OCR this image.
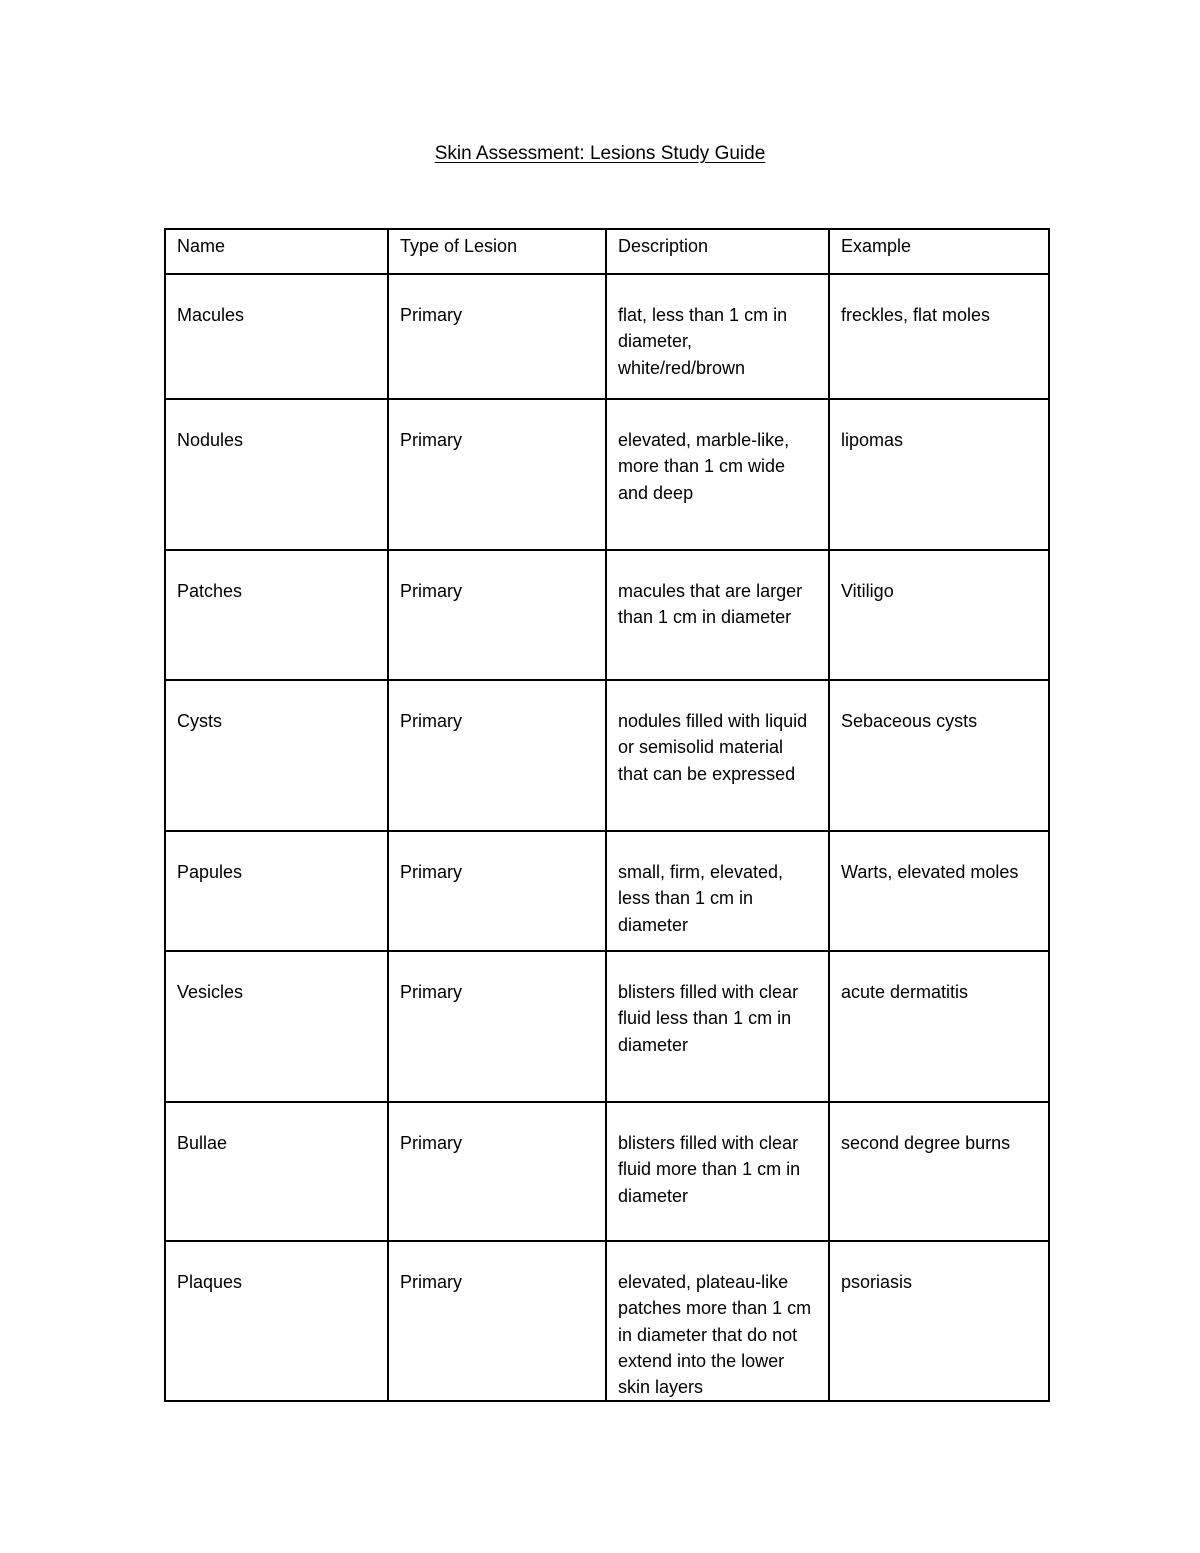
Skin Assessment: Lesions Study Guide
Name	Type of Lesion	Description	Example
Macules	Primary	flat, less than 1 cm in diameter, white/red/brown	freckles, flat moles
Nodules	Primary	elevated, marble-like, more than 1 cm wide and deep	lipomas
Patches	Primary	macules that are larger than 1 cm in diameter	Vitiligo
Cysts	Primary	nodules filled with liquid or semisolid material that can be expressed	Sebaceous cysts
Papules	Primary	small, firm, elevated, less than 1 cm in diameter	Warts, elevated moles
Vesicles	Primary	blisters filled with clear fluid less than 1 cm in diameter	acute dermatitis
Bullae	Primary	blisters filled with clear fluid more than 1 cm in diameter	second degree burns
Plaques	Primary	elevated, plateau-like patches more than 1 cm in diameter that do not extend into the lower skin layers	psoriasis
